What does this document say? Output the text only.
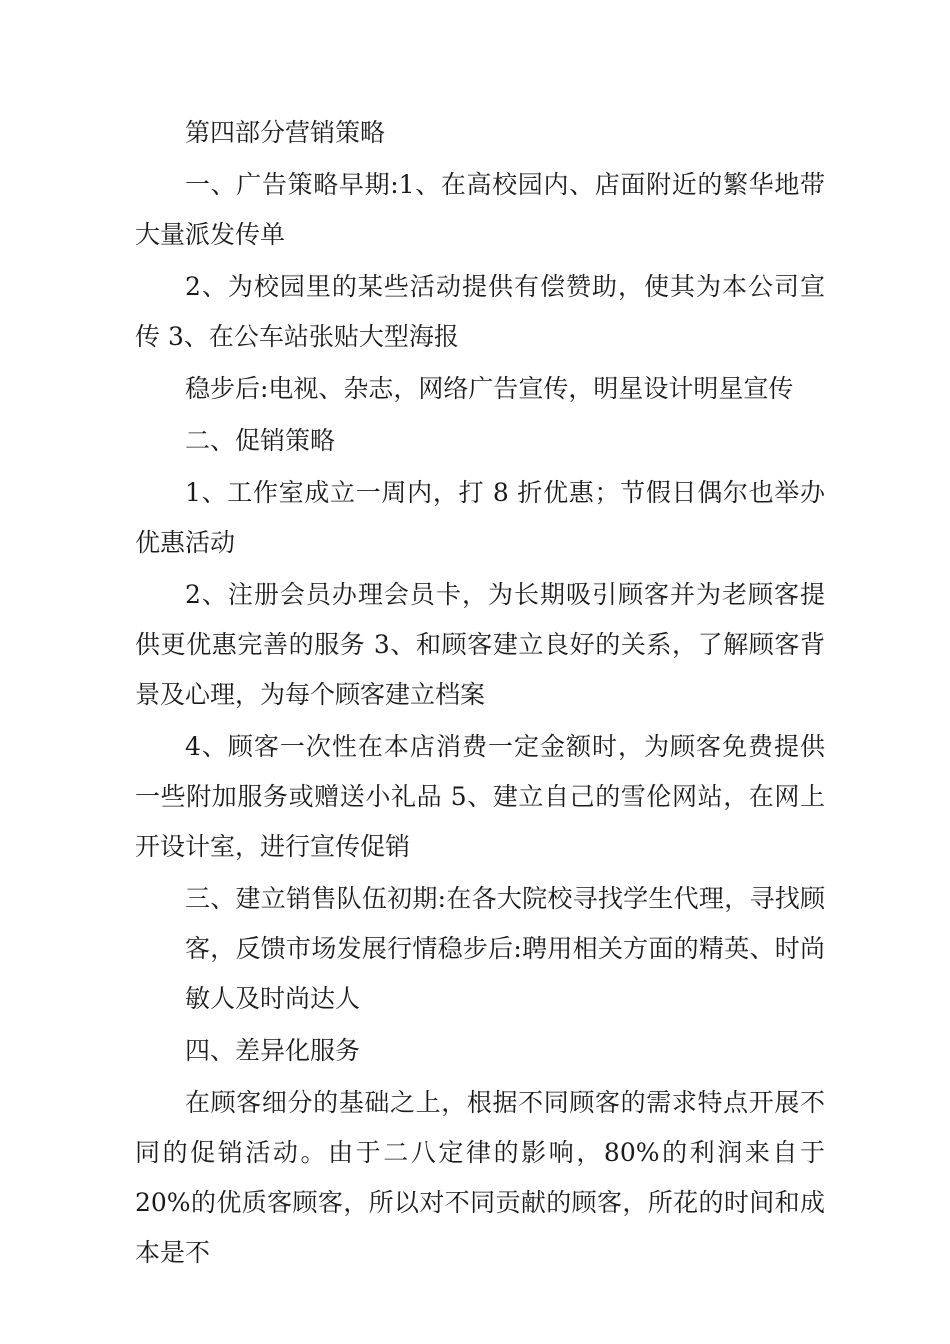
第四部分营销策略

一、广告策略早期:1、在高校园内、店面附近的繁华地带大量派发传单

2、为校园里的某些活动提供有偿赞助，使其为本公司宣传 3、在公车站张贴大型海报

稳步后:电视、杂志，网络广告宣传，明星设计明星宣传

二、促销策略

1、工作室成立一周内，打 8 折优惠；节假日偶尔也举办优惠活动

2、注册会员办理会员卡，为长期吸引顾客并为老顾客提供更优惠完善的服务 3、和顾客建立良好的关系，了解顾客背景及心理，为每个顾客建立档案

4、顾客一次性在本店消费一定金额时，为顾客免费提供一些附加服务或赠送小礼品 5、建立自己的雪伦网站，在网上开设计室，进行宣传促销

三、建立销售队伍初期:在各大院校寻找学生代理，寻找顾客，反馈市场发展行情稳步后:聘用相关方面的精英、时尚敏人及时尚达人

四、差异化服务

在顾客细分的基础之上，根据不同顾客的需求特点开展不同的促销活动。由于二八定律的影响，80%的利润来自于 20%的优质客顾客，所以对不同贡献的顾客，所花的时间和成本是不
